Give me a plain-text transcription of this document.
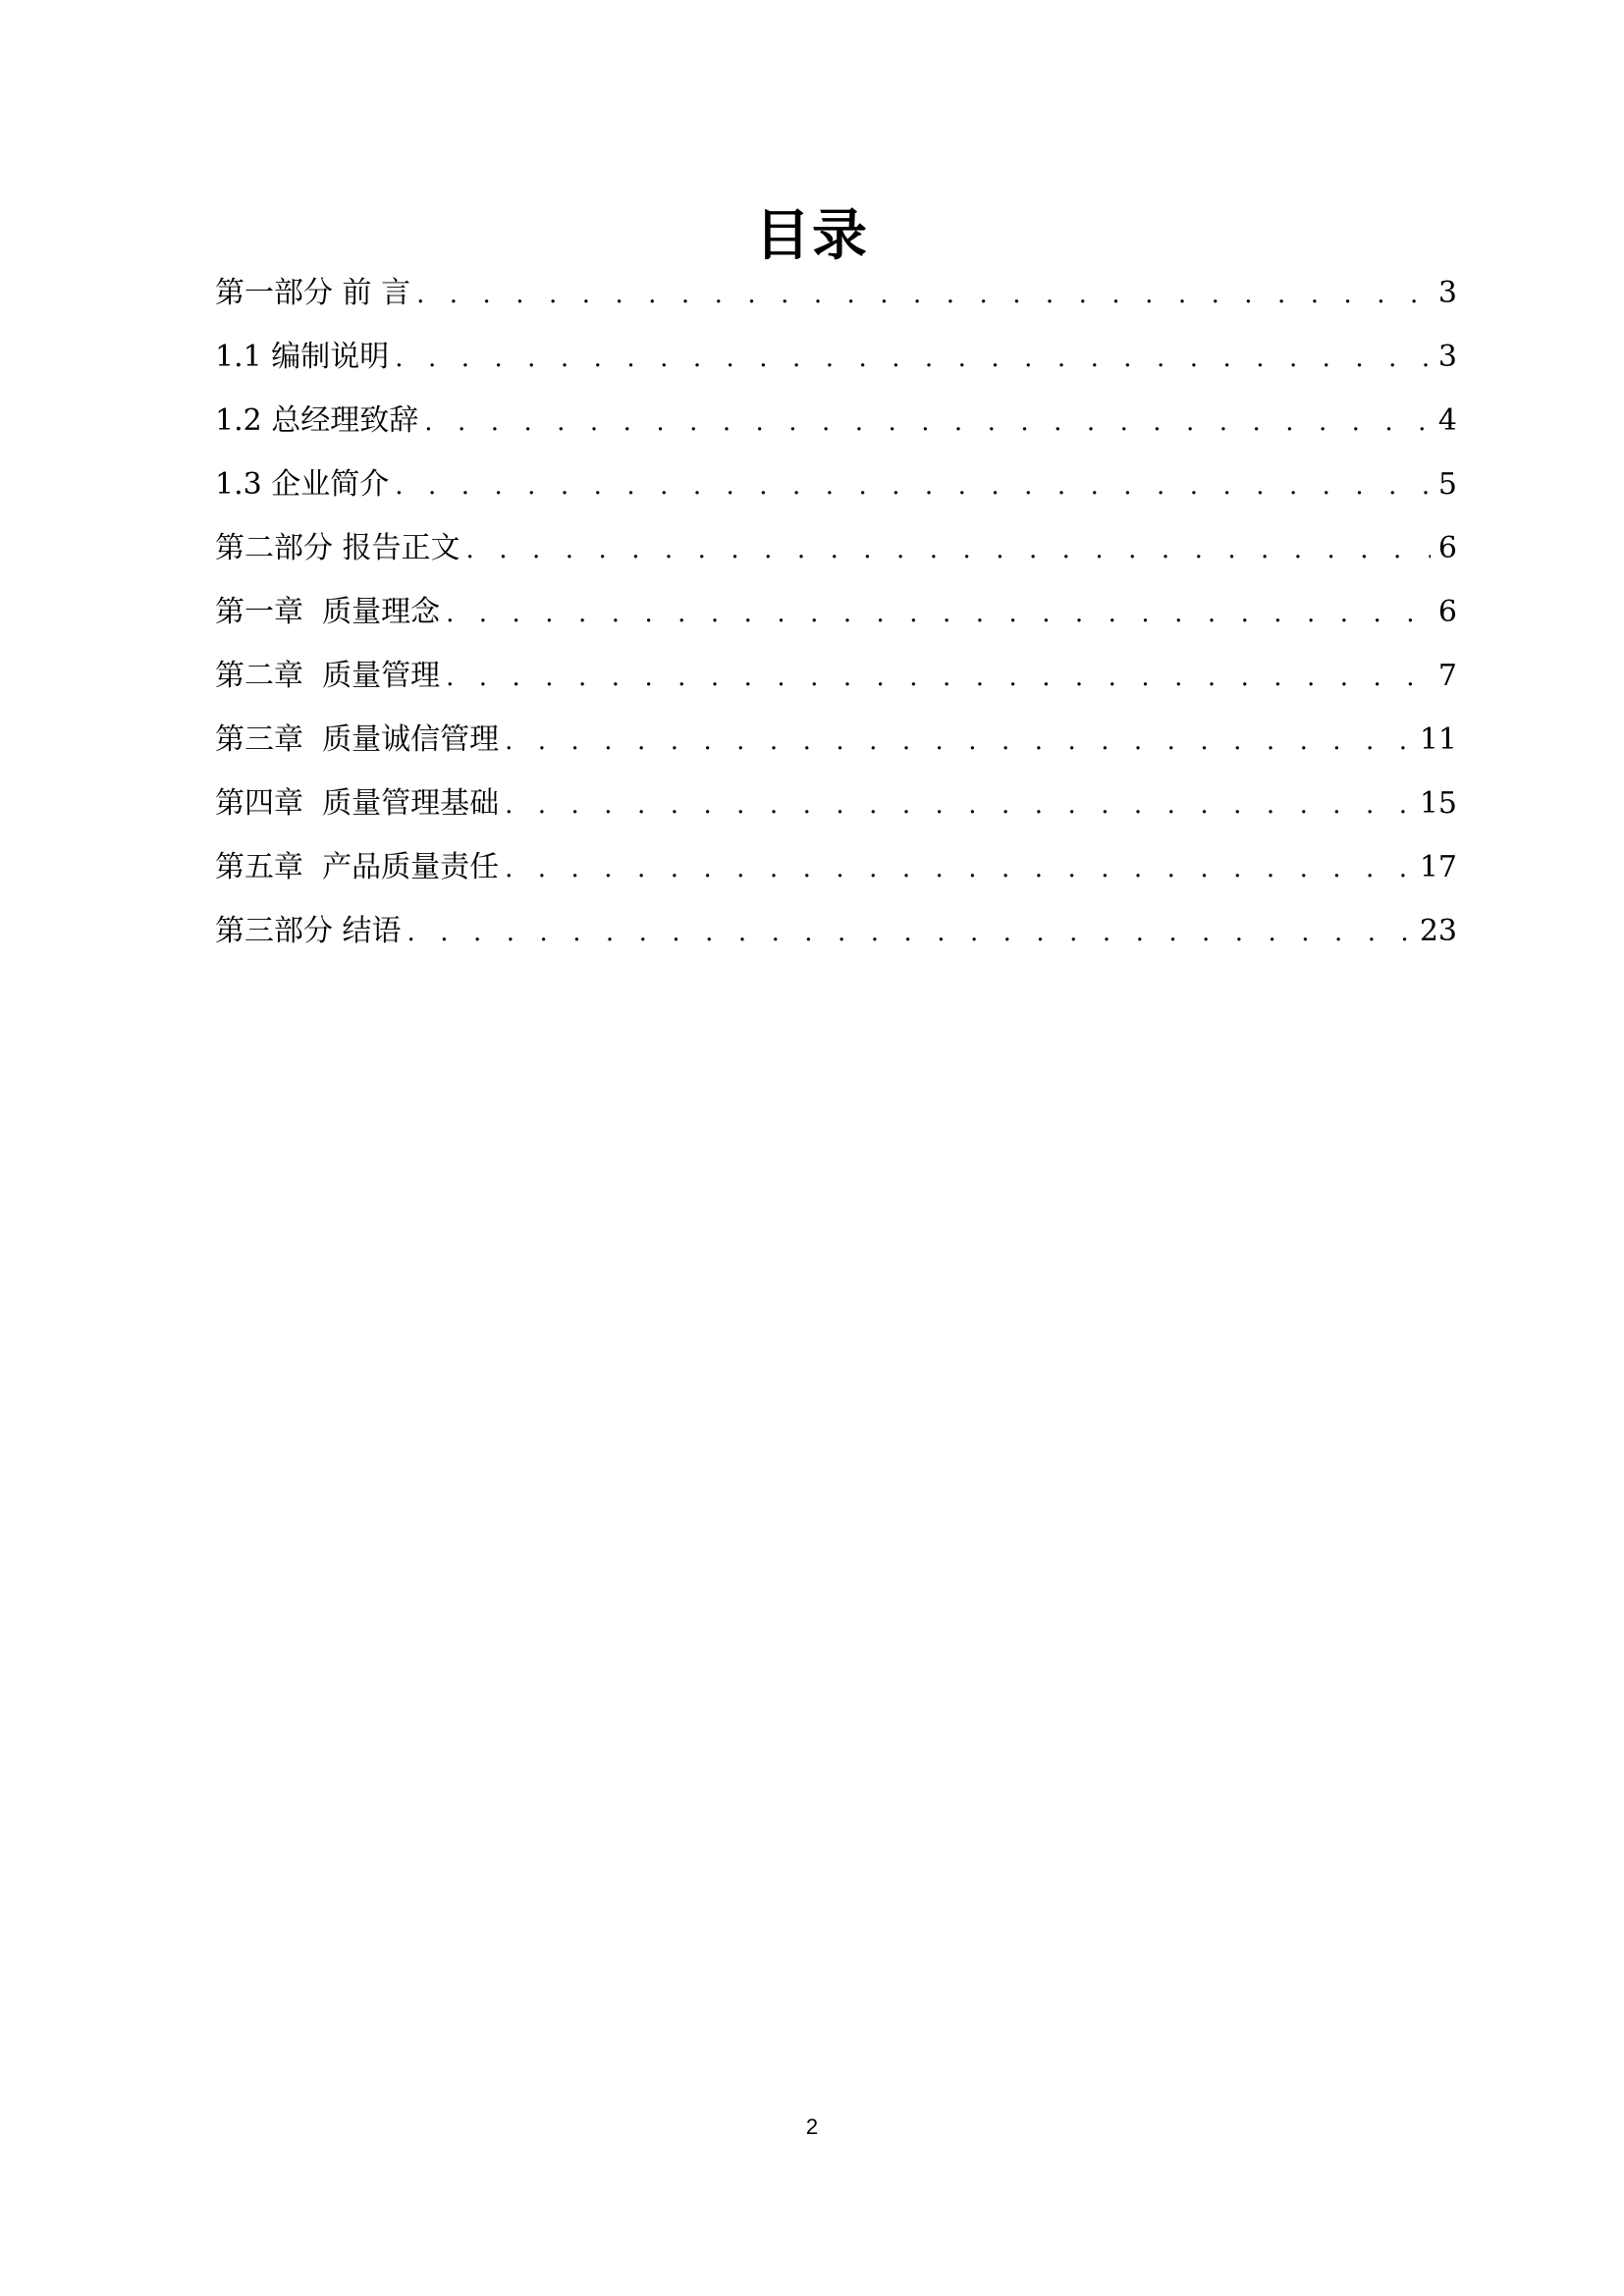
目录
第一部分 前 言 . . .	3
1.1 编制说明 . . .	3
1.2 总经理致辞 . . .	4
1.3 企业简介 . . .	5
第二部分 报告正文 . . .	6
第一章  质量理念 . . .	6
第二章  质量管理 . . .	7
第三章  质量诚信管理 . . .	11
第四章  质量管理基础 . . .	15
第五章  产品质量责任 . . .	17
第三部分 结语 . . .	23
2
